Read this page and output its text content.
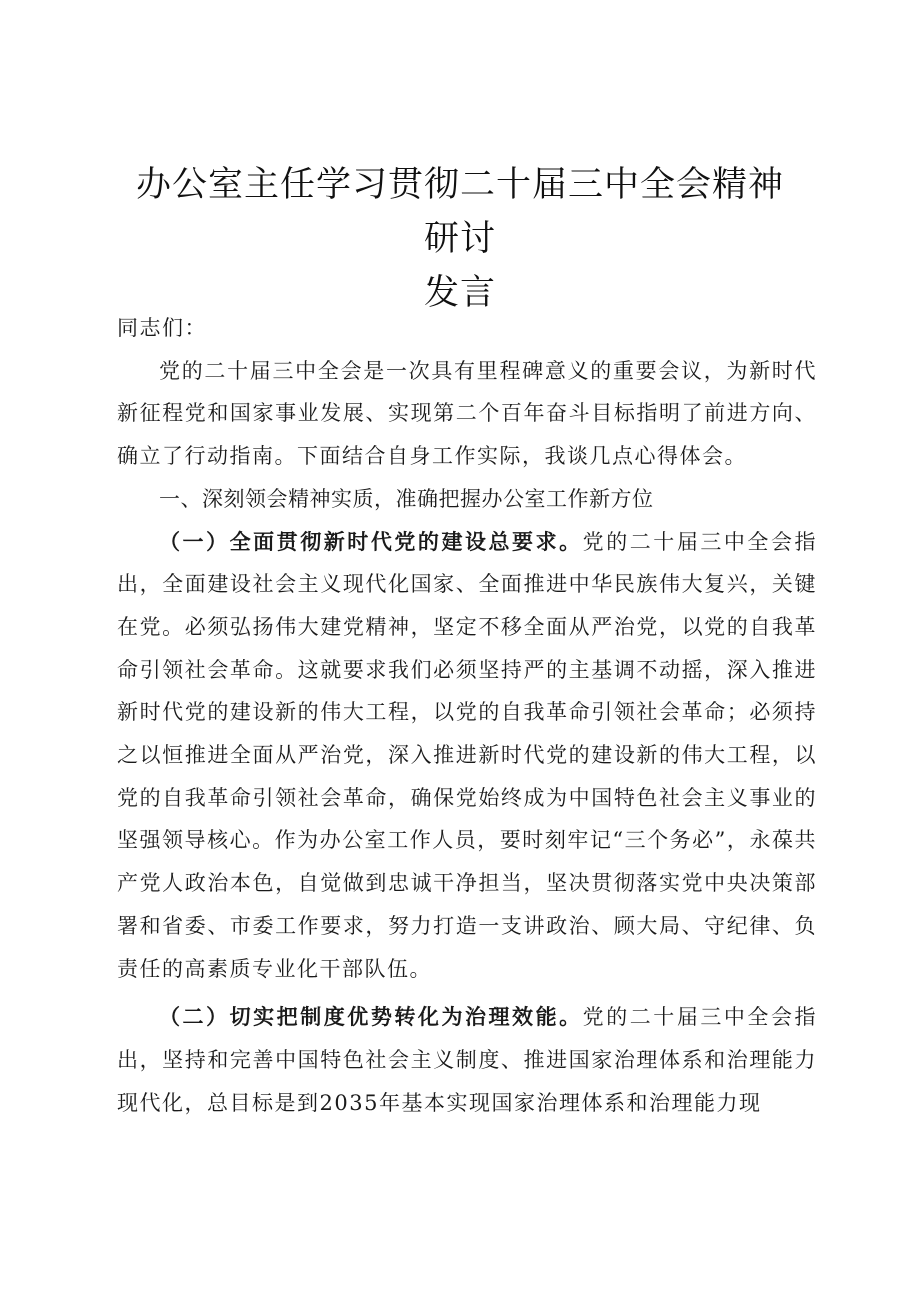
办公室主任学习贯彻二十届三中全会精神研讨
发言

同志们：

党的二十届三中全会是一次具有里程碑意义的重要会议，为新时代新征程党和国家事业发展、实现第二个百年奋斗目标指明了前进方向、确立了行动指南。下面结合自身工作实际，我谈几点心得体会。

一、深刻领会精神实质，准确把握办公室工作新方位

（一）全面贯彻新时代党的建设总要求。党的二十届三中全会指出，全面建设社会主义现代化国家、全面推进中华民族伟大复兴，关键在党。必须弘扬伟大建党精神，坚定不移全面从严治党，以党的自我革命引领社会革命。这就要求我们必须坚持严的主基调不动摇，深入推进新时代党的建设新的伟大工程，以党的自我革命引领社会革命；必须持之以恒推进全面从严治党，深入推进新时代党的建设新的伟大工程，以党的自我革命引领社会革命，确保党始终成为中国特色社会主义事业的坚强领导核心。作为办公室工作人员，要时刻牢记“三个务必”，永葆共产党人政治本色，自觉做到忠诚干净担当，坚决贯彻落实党中央决策部署和省委、市委工作要求，努力打造一支讲政治、顾大局、守纪律、负责任的高素质专业化干部队伍。

（二）切实把制度优势转化为治理效能。党的二十届三中全会指出，坚持和完善中国特色社会主义制度、推进国家治理体系和治理能力现代化，总目标是到2035年基本实现国家治理体系和治理能力现
